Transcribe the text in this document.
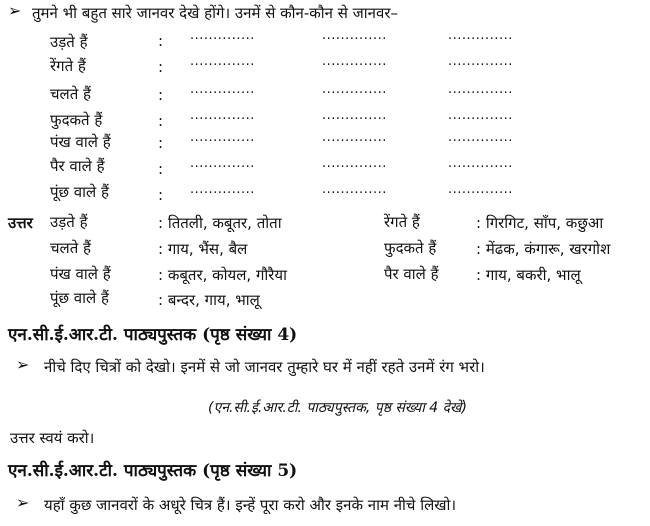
➢ तुमने भी बहुत सारे जानवर देखे होंगे। उनमें से कौन-कौन से जानवर–
उड़ते हैं	: ..............	..............	..............
रेंगते हैं	: ..............	..............	..............
चलते हैं	: ..............	..............	..............
फुदकते हैं	: ..............	..............	..............
पंख वाले हैं	: ..............	..............	..............
पैर वाले हैं	: ..............	..............	..............
पूंछ वाले हैं	: ..............	..............	..............
उत्तर उड़ते हैं	: तितली, कबूतर, तोता	रेंगते हैं	: गिरगिट, साँप, कछुआ
चलते हैं	: गाय, भैंस, बैल	फुदकते हैं	: मेंढक, कंगारू, खरगोश
पंख वाले हैं	: कबूतर, कोयल, गौरैया	पैर वाले हैं : गाय, बकरी, भालू
पूंछ वाले हैं	: बन्दर, गाय, भालू
एन.सी.ई.आर.टी. पाठ्यपुस्तक (पृष्ठ संख्या 4)
➢ नीचे दिए चित्रों को देखो। इनमें से जो जानवर तुम्हारे घर में नहीं रहते उनमें रंग भरो।
(एन.सी.ई.आर.टी. पाठ्यपुस्तक, पृष्ठ संख्या 4 देखें)
उत्तर स्वयं करो।
एन.सी.ई.आर.टी. पाठ्यपुस्तक (पृष्ठ संख्या 5)
➢ यहाँ कुछ जानवरों के अधूरे चित्र हैं। इन्हें पूरा करो और इनके नाम नीचे लिखो।
